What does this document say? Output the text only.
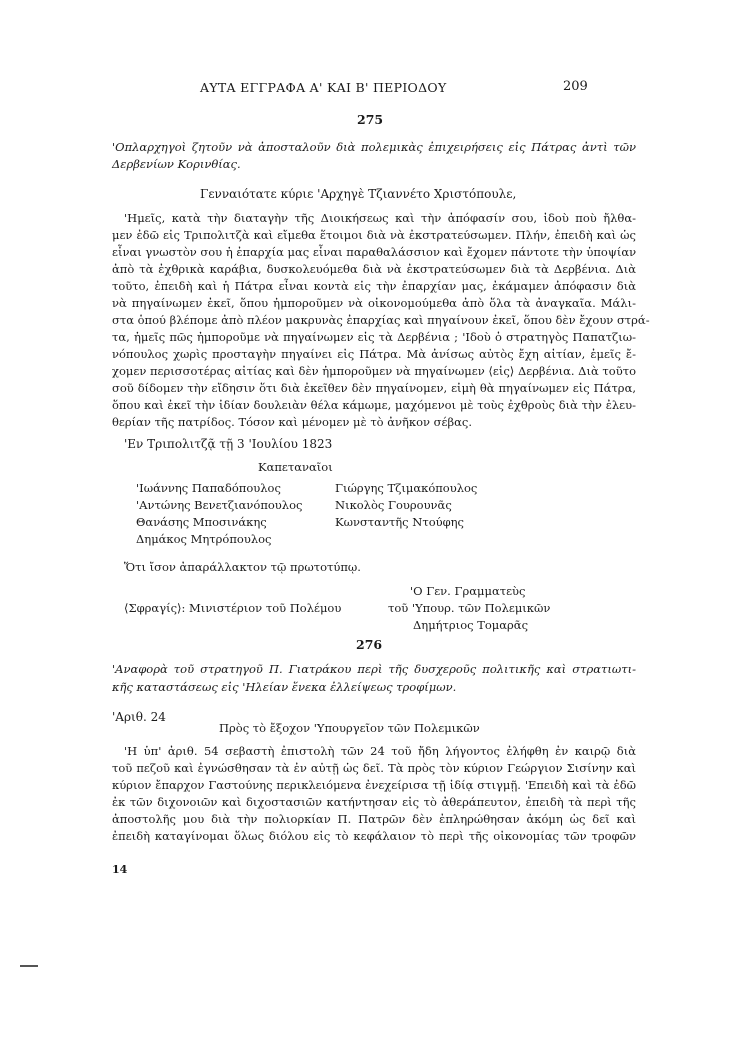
ΑΥΤΑ ΕΓΓΡΑΦΑ Α' ΚΑΙ Β' ΠΕΡΙΟΔΟΥ	209
275
'Οπλαρχηγοὶ ζητοῦν νὰ ἀποσταλοῦν διὰ πολεμικὰς ἐπιχειρήσεις εἰς Πάτρας ἀντὶ τῶν
Δερβενίων Κορινθίας.
Γενναιότατε κύριε 'Αρχηγὲ Τζιαννέτο Χριστόπουλε,
'Ημεῖς, κατὰ τὴν διαταγὴν τῆς Διοικήσεως καὶ τὴν ἀπόφασίν σου, ἰδοὺ ποὺ ἤλθα-
μεν ἐδῶ εἰς Τριπολιτζὰ καὶ εἴμεθα ἕτοιμοι διὰ νὰ ἐκστρατεύσωμεν. Πλήν, ἐπειδὴ καὶ ὡς
εἶναι γνωστὸν σου ἡ ἐπαρχία μας εἶναι παραθαλάσσιον καὶ ἔχομεν πάντοτε τὴν ὑποψίαν
ἀπὸ τὰ ἐχθρικὰ καράβια, δυσκολευόμεθα διὰ νὰ ἐκστρατεύσωμεν διὰ τὰ Δερβένια. Διὰ
τοῦτο, ἐπειδὴ καὶ ἡ Πάτρα εἶναι κοντὰ εἰς τὴν ἐπαρχίαν μας, ἐκάμαμεν ἀπόφασιν διὰ
νὰ πηγαίνωμεν ἐκεῖ, ὅπου ἠμποροῦμεν νὰ οἰκονομούμεθα ἀπὸ ὅλα τὰ ἀναγκαῖα. Μάλι-
στα ὁπού βλέπομε ἀπὸ πλέον μακρυνὰς ἐπαρχίας καὶ πηγαίνουν ἐκεῖ, ὅπου δὲν ἔχουν στρά-
τα, ἡμεῖς πῶς ἠμποροῦμε νὰ πηγαίνωμεν εἰς τὰ Δερβένια ; 'Ιδοὺ ὁ στρατηγὸς Παπατζιω-
νόπουλος χωρὶς προσταγὴν πηγαίνει εἰς Πάτρα. Μὰ ἀνίσως αὐτὸς ἔχη αἰτίαν, ἐμεῖς ἔ-
χομεν περισσοτέρας αἰτίας καὶ δὲν ἠμποροῦμεν νὰ πηγαίνωμεν ⟨εἰς⟩ Δερβένια. Διὰ τοῦτο
σοῦ δίδομεν τὴν εἴδησιν ὅτι διὰ ἐκεῖθεν δὲν πηγαίνομεν, εἰμὴ θὰ πηγαίνωμεν εἰς Πάτρα,
ὅπου καὶ ἐκεῖ τὴν ἰδίαν δουλειὰν θέλα κάμωμε, μαχόμενοι μὲ τοὺς ἐχθροὺς διὰ τὴν ἐλευ-
θερίαν τῆς πατρίδος. Τόσον καὶ μένομεν μὲ τὸ ἀνῆκον σέβας.
'Εν Τριπολιτζᾷ τῇ 3 'Ιουλίου 1823
Καπεταναῖοι
'Ιωάννης Παπαδόπουλος
'Αντώνης Βενετζιανόπουλος
Θανάσης Μποσινάκης
Δημάκος Μητρόπουλος
Γιώργης Τζιμακόπουλος
Νικολὸς Γουρουνᾶς
Κωνσταντῆς Ντούφης
Ὅτι ἴσον ἀπαράλλακτον τῷ πρωτοτύπῳ.
'Ο Γεν. Γραμματεὺς
τοῦ 'Υπουρ. τῶν Πολεμικῶν
Δημήτριος Τομαρᾶς
⟨Σφραγίς⟩: Μινιστέριον τοῦ Πολέμου
276
'Αναφορὰ τοῦ στρατηγοῦ Π. Γιατράκου περὶ τῆς δυσχεροῦς πολιτικῆς καὶ στρατιωτι-
κῆς καταστάσεως εἰς 'Ηλείαν ἕνεκα ἐλλείψεως τροφίμων.
'Αριθ. 24
Πρὸς τὸ ἔξοχον 'Υπουργεῖον τῶν Πολεμικῶν
'Η ὑπ' ἀριθ. 54 σεβαστὴ ἐπιστολὴ τῶν 24 τοῦ ἤδη λήγοντος ἐλήφθη ἐν καιρῷ διὰ
τοῦ πεζοῦ καὶ ἐγνώσθησαν τὰ ἐν αὐτῇ ὡς δεῖ. Τὰ πρὸς τὸν κύριον Γεώργιον Σισίνην καὶ
κύριον ἔπαρχον Γαστούνης περικλειόμενα ἐνεχείρισα τῇ ἰδίᾳ στιγμῇ. 'Επειδὴ καὶ τὰ ἐδῶ
ἐκ τῶν διχονοιῶν καὶ διχοστασιῶν κατήντησαν εἰς τὸ ἀθεράπευτον, ἐπειδὴ τὰ περὶ τῆς
ἀποστολῆς μου διὰ τὴν πολιορκίαν Π. Πατρῶν δὲν ἐπληρώθησαν ἀκόμη ὡς δεῖ καὶ
ἐπειδὴ καταγίνομαι ὅλως διόλου εἰς τὸ κεφάλαιον τὸ περὶ τῆς οἰκονομίας τῶν τροφῶν
14
